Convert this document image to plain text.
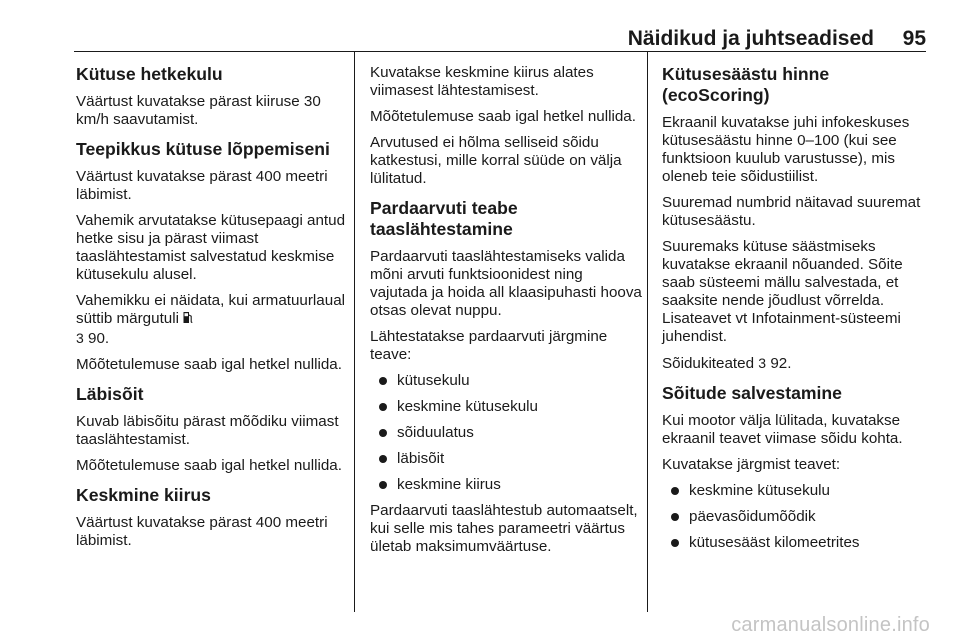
Näidikud ja juhtseadised 95
Kütuse hetkekulu

Väärtust kuvatakse pärast kiiruse 30 km/h saavutamist.

Teepikkus kütuse lõppemiseni

Väärtust kuvatakse pärast 400 meetri läbimist.

Vahemik arvutatakse kütusepaagi antud hetke sisu ja pärast viimast taaslähtestamist salvestatud keskmise kütusekulu alusel.

Vahemikku ei näidata, kui armatuurlaual süttib märgutuli
3 90.

Mõõtetulemuse saab igal hetkel nullida.

Läbisõit

Kuvab läbisõitu pärast mõõdiku viimast taaslähtestamist.

Mõõtetulemuse saab igal hetkel nullida.

Keskmine kiirus

Väärtust kuvatakse pärast 400 meetri läbimist.

Kuvatakse keskmine kiirus alates viimasest lähtestamisest.

Mõõtetulemuse saab igal hetkel nullida.

Arvutused ei hõlma selliseid sõidu katkestusi, mille korral süüde on välja lülitatud.

Pardaarvuti teabe taaslähtestamine

Pardaarvuti taaslähtestamiseks valida mõni arvuti funktsioonidest ning vajutada ja hoida all klaasipuhasti hoova otsas olevat nuppu.

Lähtestatakse pardaarvuti järgmine teave:

kütusekulu
keskmine kütusekulu
sõiduulatus
läbisõit
keskmine kiirus

Pardaarvuti taaslähtestub automaatselt, kui selle mis tahes parameetri väärtus ületab maksimumväärtuse.

Kütusesäästu hinne (ecoScoring)

Ekraanil kuvatakse juhi infokeskuses kütusesäästu hinne 0–100 (kui see funktsioon kuulub varustusse), mis oleneb teie sõidustiilist.

Suuremad numbrid näitavad suuremat kütusesäästu.

Suuremaks kütuse säästmiseks kuvatakse ekraanil nõuanded. Sõite saab süsteemi mällu salvestada, et saaksite nende jõudlust võrrelda. Lisateavet vt Infotainment-süsteemi juhendist.

Sõidukiteated 3 92.

Sõitude salvestamine

Kui mootor välja lülitada, kuvatakse ekraanil teavet viimase sõidu kohta.

Kuvatakse järgmist teavet:

keskmine kütusekulu
päevasõidumõõdik
kütusesääst kilomeetrites
carmanualsonline.info
